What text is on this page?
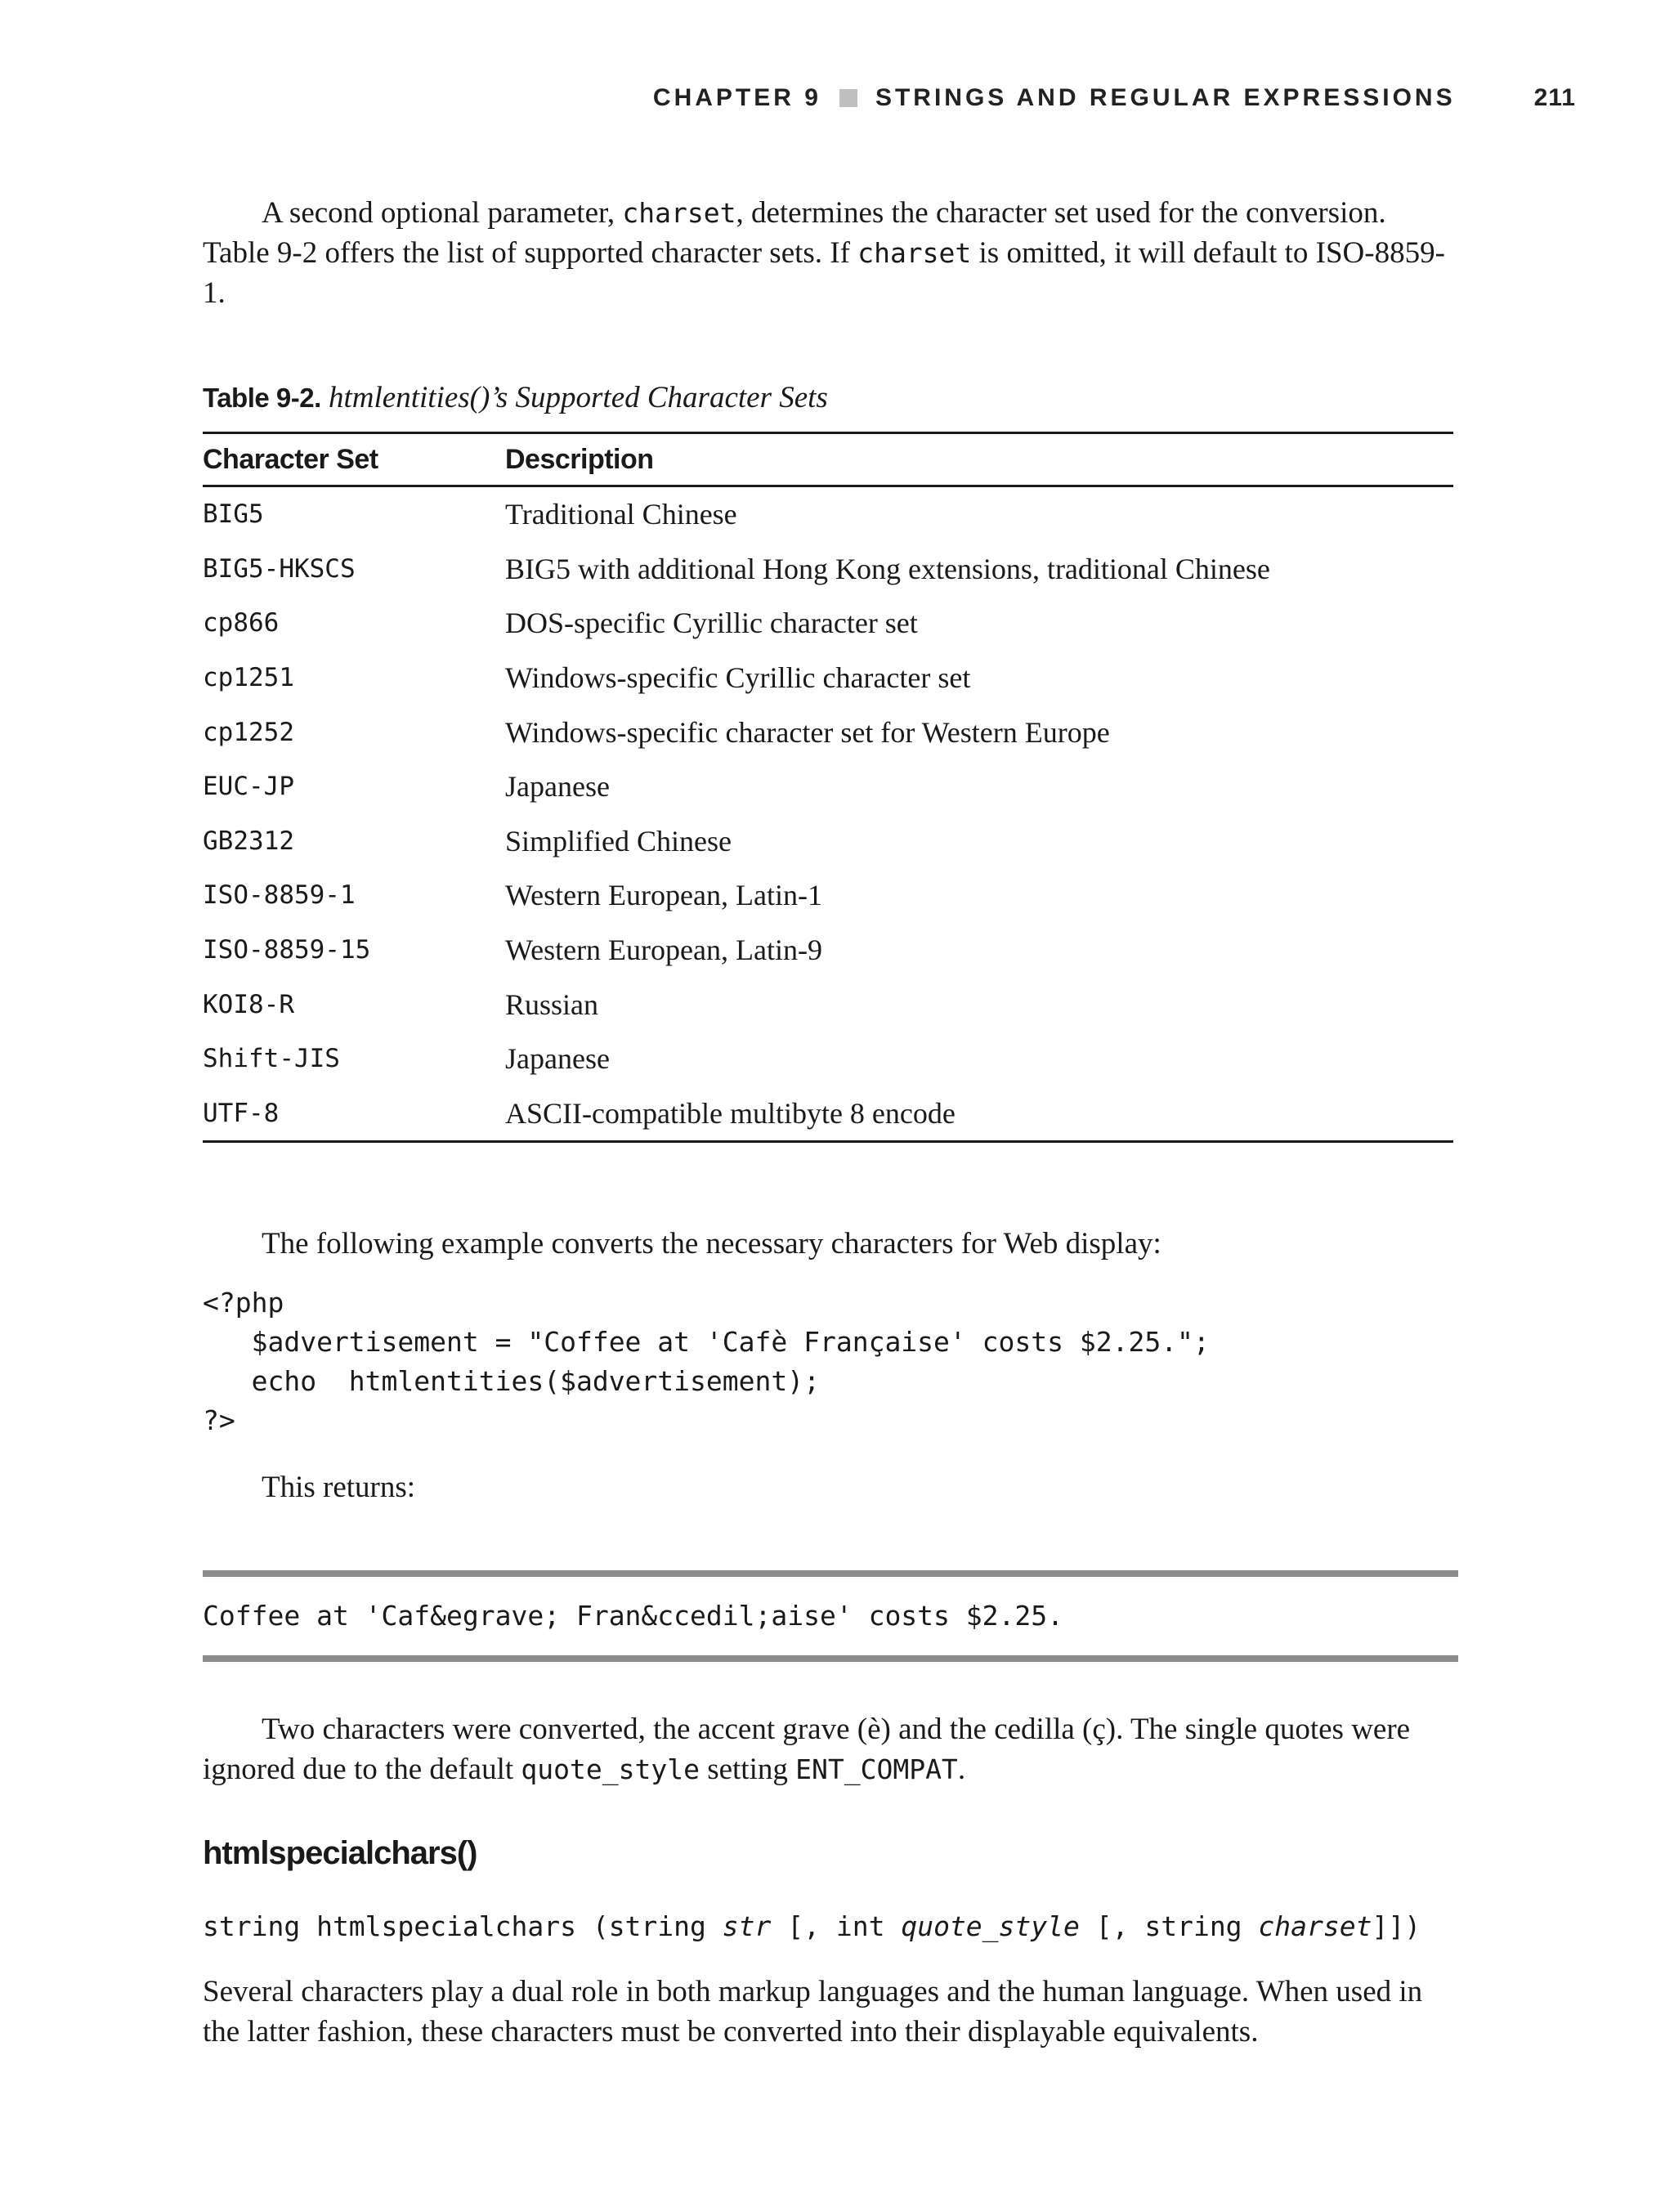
CHAPTER 9 STRINGS AND REGULAR EXPRESSIONS	211

A second optional parameter, charset, determines the character set used for the conversion. Table 9-2 offers the list of supported character sets. If charset is omitted, it will default to ISO-8859-1.

Table 9-2. htmlentities()’s Supported Character Sets
Character Set	Description
BIG5	Traditional Chinese
BIG5-HKSCS	BIG5 with additional Hong Kong extensions, traditional Chinese
cp866	DOS-specific Cyrillic character set
cp1251	Windows-specific Cyrillic character set
cp1252	Windows-specific character set for Western Europe
EUC-JP	Japanese
GB2312	Simplified Chinese
ISO-8859-1	Western European, Latin-1
ISO-8859-15	Western European, Latin-9
KOI8-R	Russian
Shift-JIS	Japanese
UTF-8	ASCII-compatible multibyte 8 encode

The following example converts the necessary characters for Web display:

<?php
$advertisement = "Coffee at 'Cafè Française' costs $2.25.";
echo  htmlentities($advertisement);
?>

This returns:

Coffee at 'Caf&egrave; Fran&ccedil;aise' costs $2.25.

Two characters were converted, the accent grave (è) and the cedilla (ç). The single quotes were ignored due to the default quote_style setting ENT_COMPAT.

htmlspecialchars()
string htmlspecialchars (string str [, int quote_style [, string charset]])

Several characters play a dual role in both markup languages and the human language. When used in the latter fashion, these characters must be converted into their displayable equivalents.
